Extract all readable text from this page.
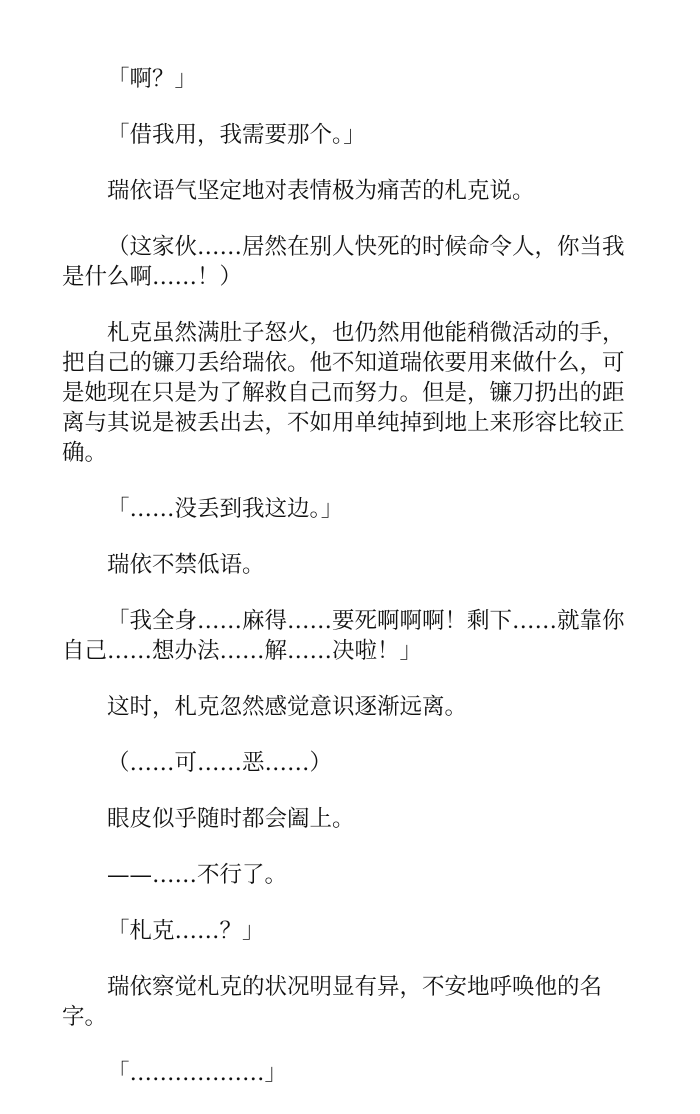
「啊？」

「借我用，我需要那个。」

瑞依语气坚定地对表情极为痛苦的札克说。

（这家伙……居然在别人快死的时候命令人，你当我是什么啊……！）

札克虽然满肚子怒火，也仍然用他能稍微活动的手，把自己的镰刀丢给瑞依。他不知道瑞依要用来做什么，可是她现在只是为了解救自己而努力。但是，镰刀扔出的距离与其说是被丢出去，不如用单纯掉到地上来形容比较正确。

「……没丢到我这边。」

瑞依不禁低语。

「我全身……麻得……要死啊啊啊！剩下……就靠你自己……想办法……解……决啦！」

这时，札克忽然感觉意识逐渐远离。

（……可……恶……）

眼皮似乎随时都会阖上。

——……不行了。

「札克……？」

瑞依察觉札克的状况明显有异，不安地呼唤他的名字。

「………………」
